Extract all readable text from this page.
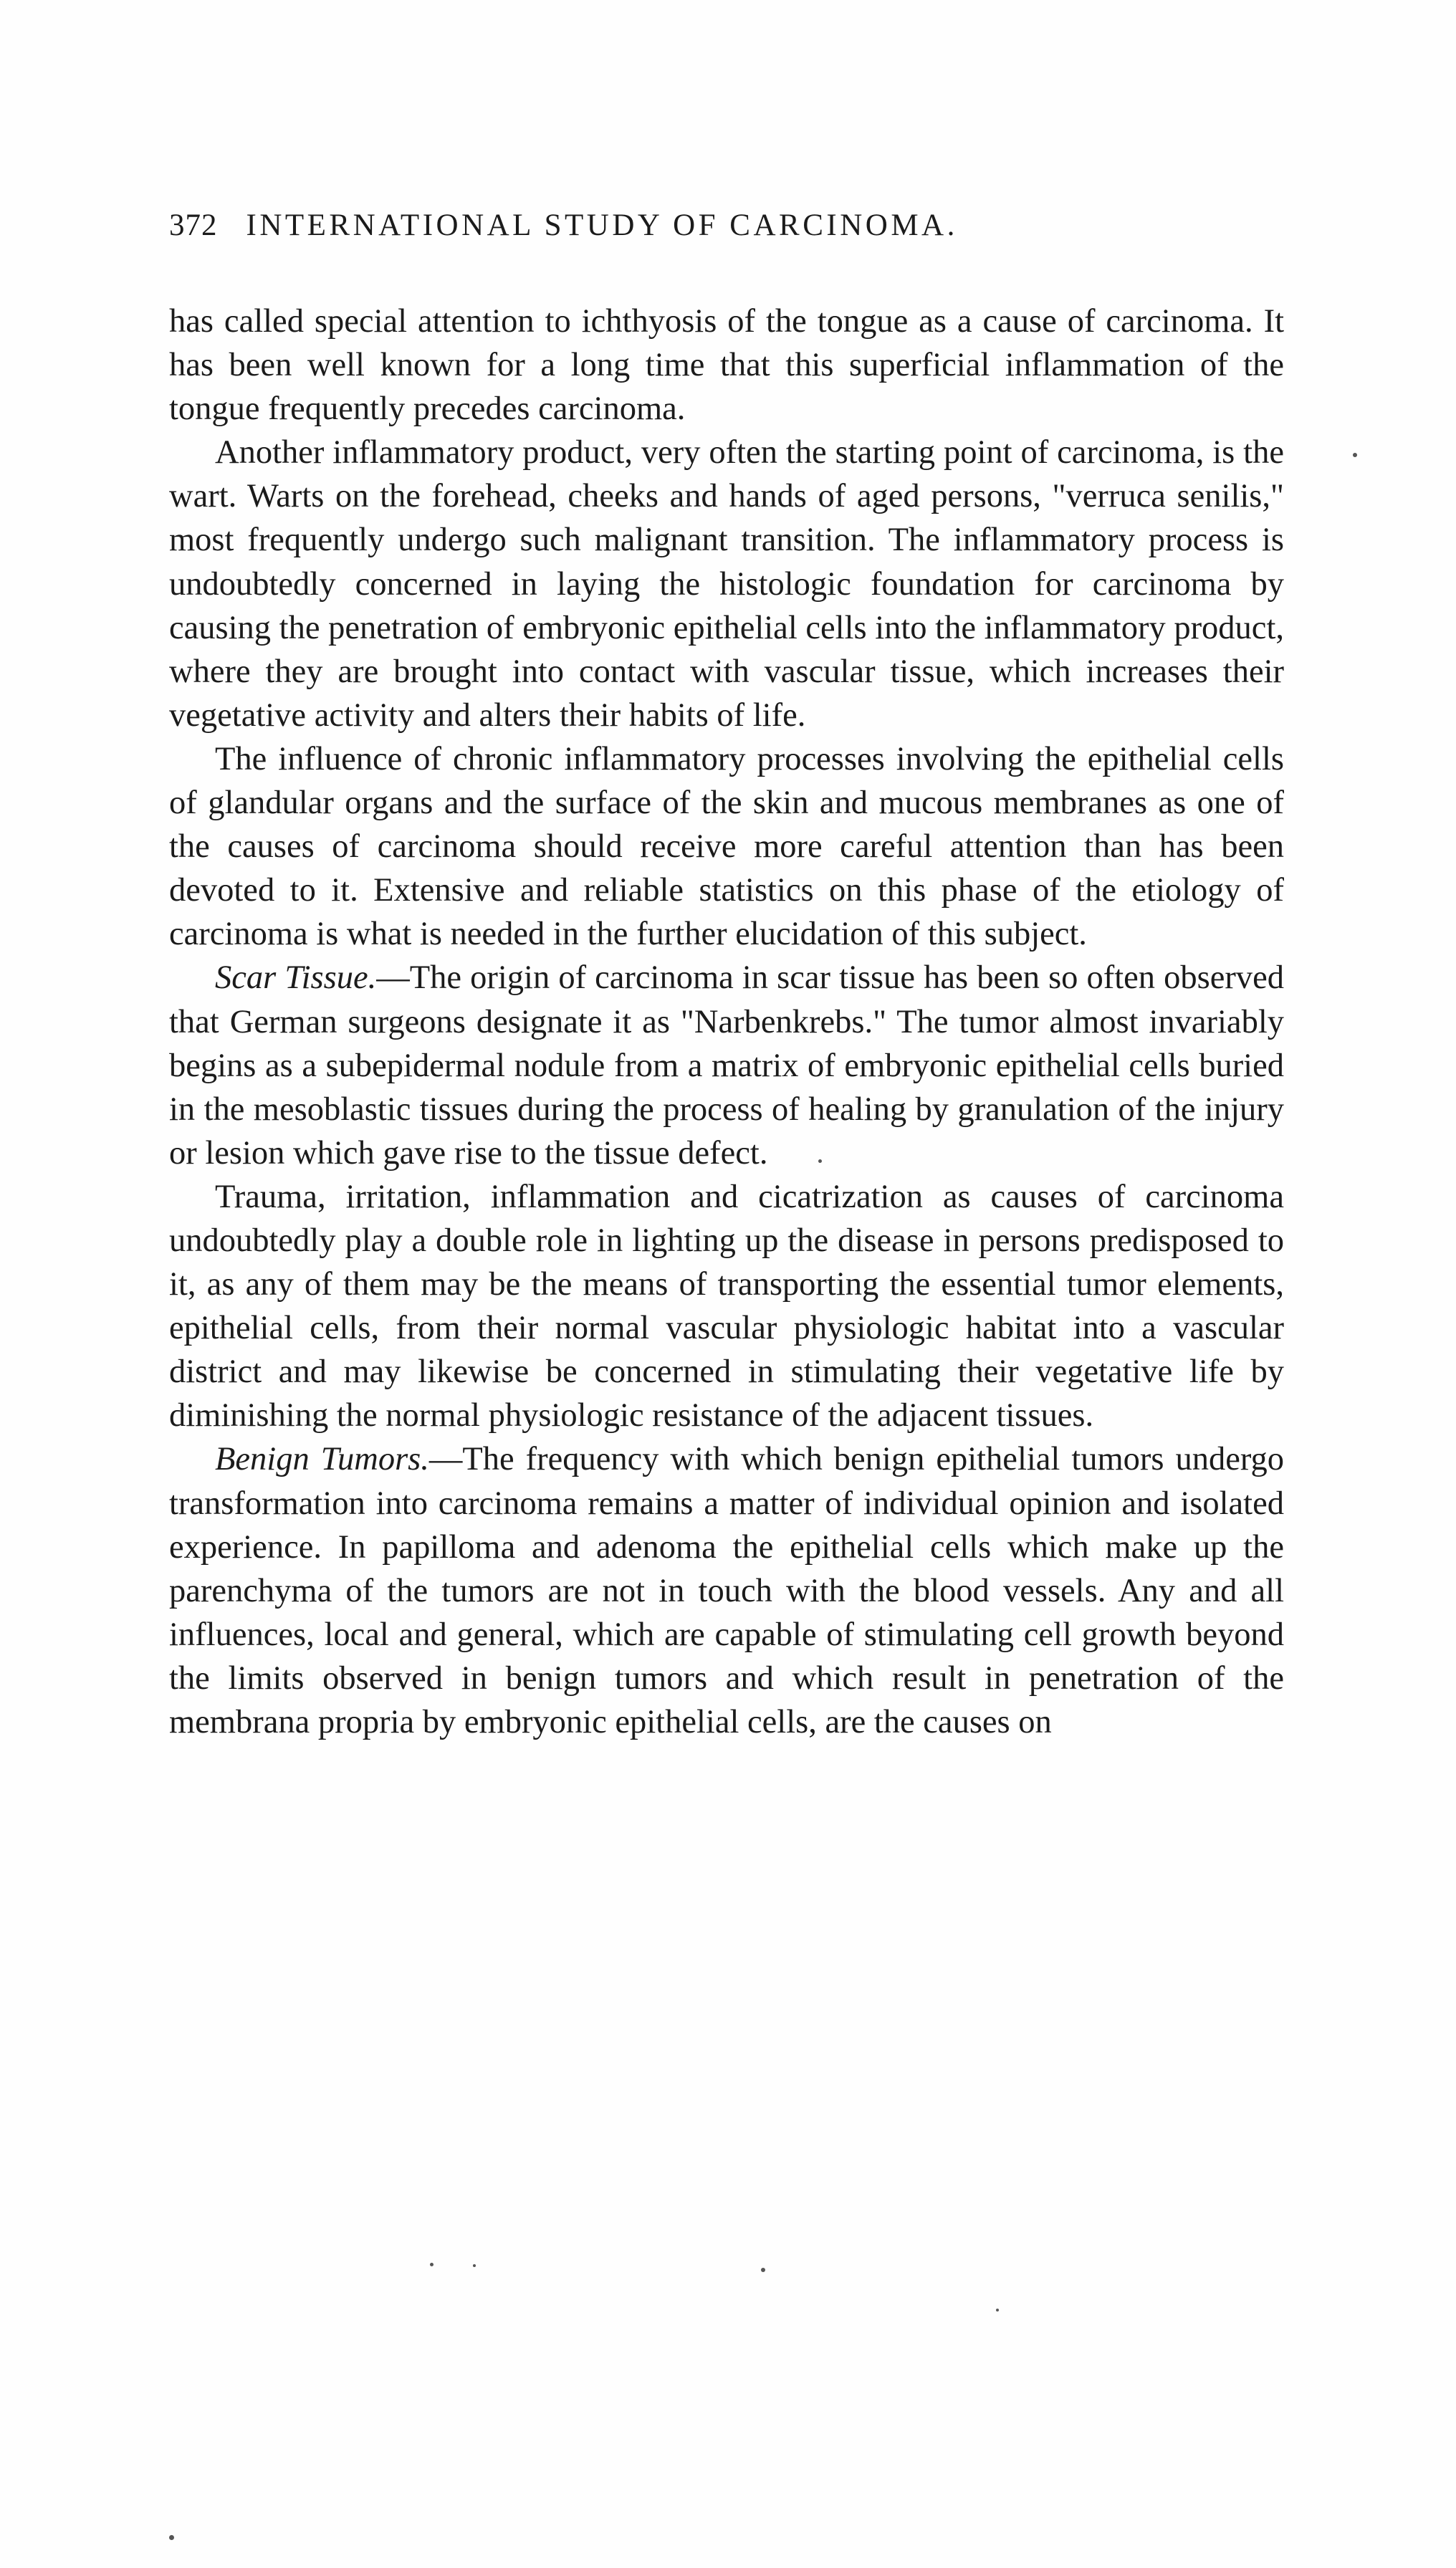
372 INTERNATIONAL STUDY OF CARCINOMA.

has called special attention to ichthyosis of the tongue as a cause of carcinoma. It has been well known for a long time that this superficial inflammation of the tongue frequently precedes carcinoma.

Another inflammatory product, very often the starting point of carcinoma, is the wart. Warts on the forehead, cheeks and hands of aged persons, "verruca senilis," most frequently undergo such malignant transition. The inflammatory process is undoubtedly concerned in laying the histologic foundation for carcinoma by causing the penetration of embryonic epithelial cells into the inflammatory product, where they are brought into contact with vascular tissue, which increases their vegetative activity and alters their habits of life.

The influence of chronic inflammatory processes involving the epithelial cells of glandular organs and the surface of the skin and mucous membranes as one of the causes of carcinoma should receive more careful attention than has been devoted to it. Extensive and reliable statistics on this phase of the etiology of carcinoma is what is needed in the further elucidation of this subject.

Scar Tissue.—The origin of carcinoma in scar tissue has been so often observed that German surgeons designate it as "Narbenkrebs." The tumor almost invariably begins as a subepidermal nodule from a matrix of embryonic epithelial cells buried in the mesoblastic tissues during the process of healing by granulation of the injury or lesion which gave rise to the tissue defect.

Trauma, irritation, inflammation and cicatrization as causes of carcinoma undoubtedly play a double role in lighting up the disease in persons predisposed to it, as any of them may be the means of transporting the essential tumor elements, epithelial cells, from their normal vascular physiologic habitat into a vascular district and may likewise be concerned in stimulating their vegetative life by diminishing the normal physiologic resistance of the adjacent tissues.

Benign Tumors.—The frequency with which benign epithelial tumors undergo transformation into carcinoma remains a matter of individual opinion and isolated experience. In papilloma and adenoma the epithelial cells which make up the parenchyma of the tumors are not in touch with the blood vessels. Any and all influences, local and general, which are capable of stimulating cell growth beyond the limits observed in benign tumors and which result in penetration of the membrana propria by embryonic epithelial cells, are the causes on
